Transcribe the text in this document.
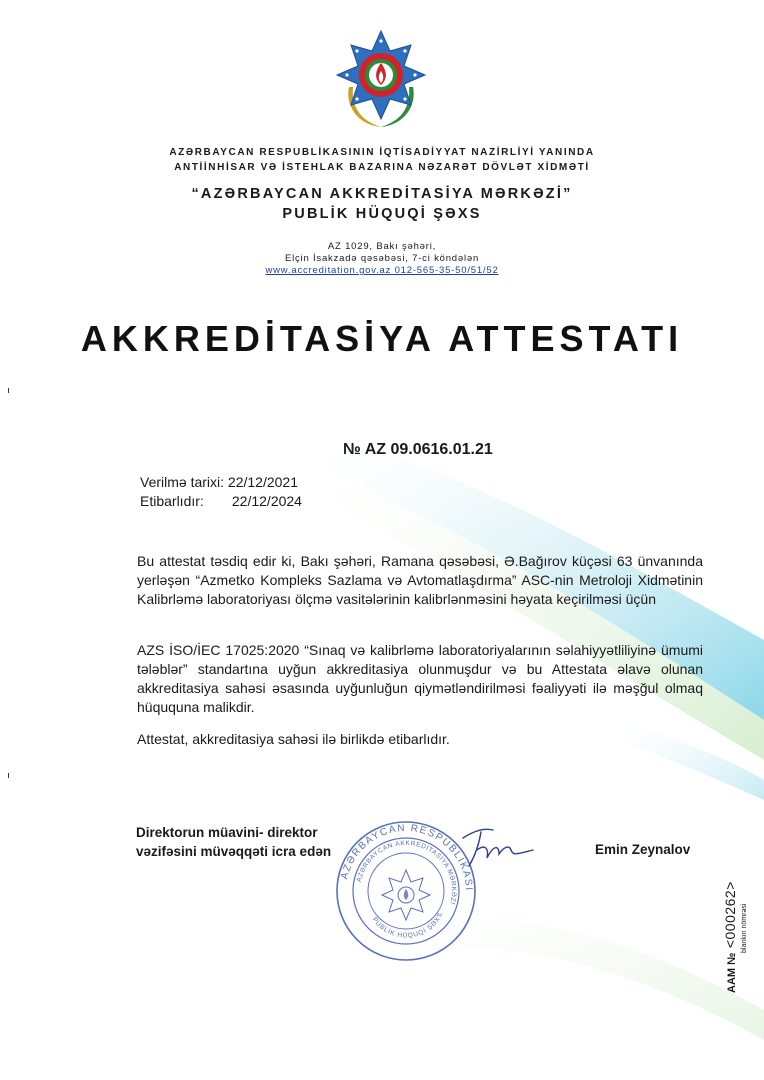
AZƏRBAYCAN RESPUBLİKASININ İQTİSADİYYAT NAZİRLİYİ YANINDA
ANTİİNHİSAR VƏ İSTEHLAK BAZARINA NƏZARƏT DÖVLƏT XİDMƏTİ
“AZƏRBAYCAN AKKREDİTASİYA MƏRKƏZİ”
PUBLİK HÜQUQİ ŞƏXS
AZ 1029, Bakı şəhəri,
Elçin İsakzadə qəsəbəsi, 7-ci köndələn
www.accreditation.gov.az 012-565-35-50/51/52
AKKREDİTASİYA ATTESTATI
№ AZ 09.0616.01.21
Verilmə tarixi: 22/12/2021
Etibarlıdır: 22/12/2024
Bu attestat təsdiq edir ki, Bakı şəhəri, Ramana qəsəbəsi, Ə.Bağırov küçəsi 63 ünvanında yerləşən “Azmetko Kompleks Sazlama və Avtomatlaşdırma” ASC-nin Metroloji Xidmətinin Kalibrləmə laboratoriyası ölçmə vasitələrinin kalibrlənməsini həyata keçirilməsi üçün
AZS İSO/İEC 17025:2020 “Sınaq və kalibrləmə laboratoriyalarının səlahiyyətliliyinə ümumi tələblər” standartına uyğun akkreditasiya olunmuşdur və bu Attestata əlavə olunan akkreditasiya sahəsi əsasında uyğunluğun qiymətləndirilməsi fəaliyyəti ilə məşğul olmaq hüququna malikdir.
Attestat, akkreditasiya sahəsi ilə birlikdə etibarlıdır.
Direktorun müavini- direktor
vəzifəsini müvəqqəti icra edən	Emin Zeynalov
AZƏRBAYCAN RESPUBLİKASI
AZƏRBAYCAN AKKREDİTASİYA MƏRKƏZİ
PUBLİK HÜQUQİ ŞƏXS
AAM № <000262> blankın nömrəsi
